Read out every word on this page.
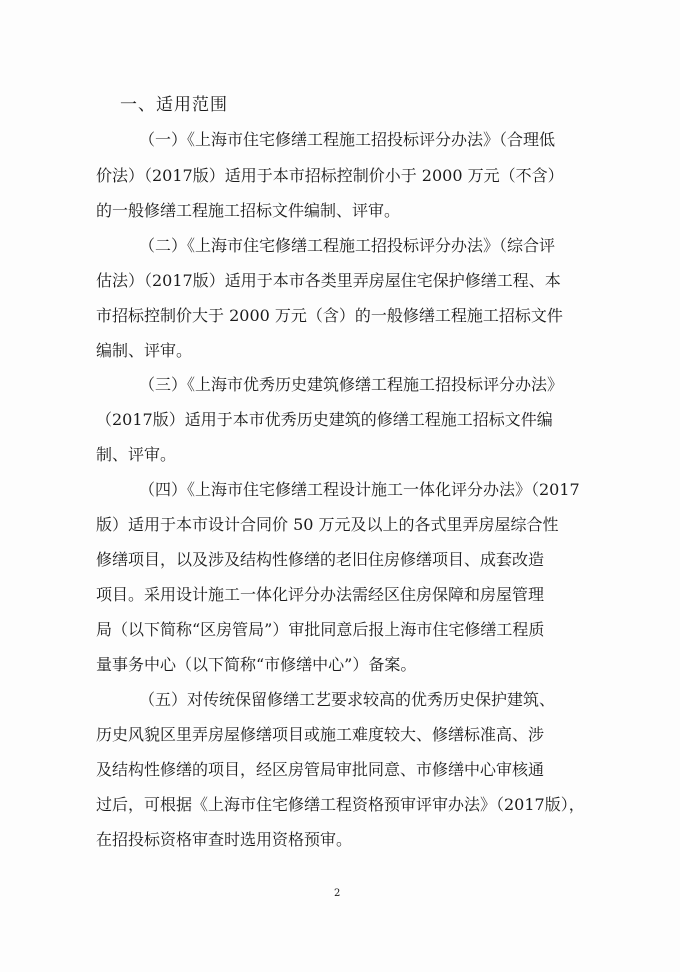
一、适用范围
（一）《上海市住宅修缮工程施工招投标评分办法》（合理低
价法）（2017版）适用于本市招标控制价小于 2000 万元（不含）
的一般修缮工程施工招标文件编制、评审。
（二）《上海市住宅修缮工程施工招投标评分办法》（综合评
估法）（2017版）适用于本市各类里弄房屋住宅保护修缮工程、本
市招标控制价大于 2000 万元（含）的一般修缮工程施工招标文件
编制、评审。
（三）《上海市优秀历史建筑修缮工程施工招投标评分办法》
（2017版）适用于本市优秀历史建筑的修缮工程施工招标文件编
制、评审。
（四）《上海市住宅修缮工程设计施工一体化评分办法》（2017
版）适用于本市设计合同价 50 万元及以上的各式里弄房屋综合性
修缮项目，以及涉及结构性修缮的老旧住房修缮项目、成套改造
项目。采用设计施工一体化评分办法需经区住房保障和房屋管理
局（以下简称“区房管局”）审批同意后报上海市住宅修缮工程质
量事务中心（以下简称“市修缮中心”）备案。
（五）对传统保留修缮工艺要求较高的优秀历史保护建筑、
历史风貌区里弄房屋修缮项目或施工难度较大、修缮标准高、涉
及结构性修缮的项目，经区房管局审批同意、市修缮中心审核通
过后，可根据《上海市住宅修缮工程资格预审评审办法》（2017版），
在招投标资格审查时选用资格预审。
2
